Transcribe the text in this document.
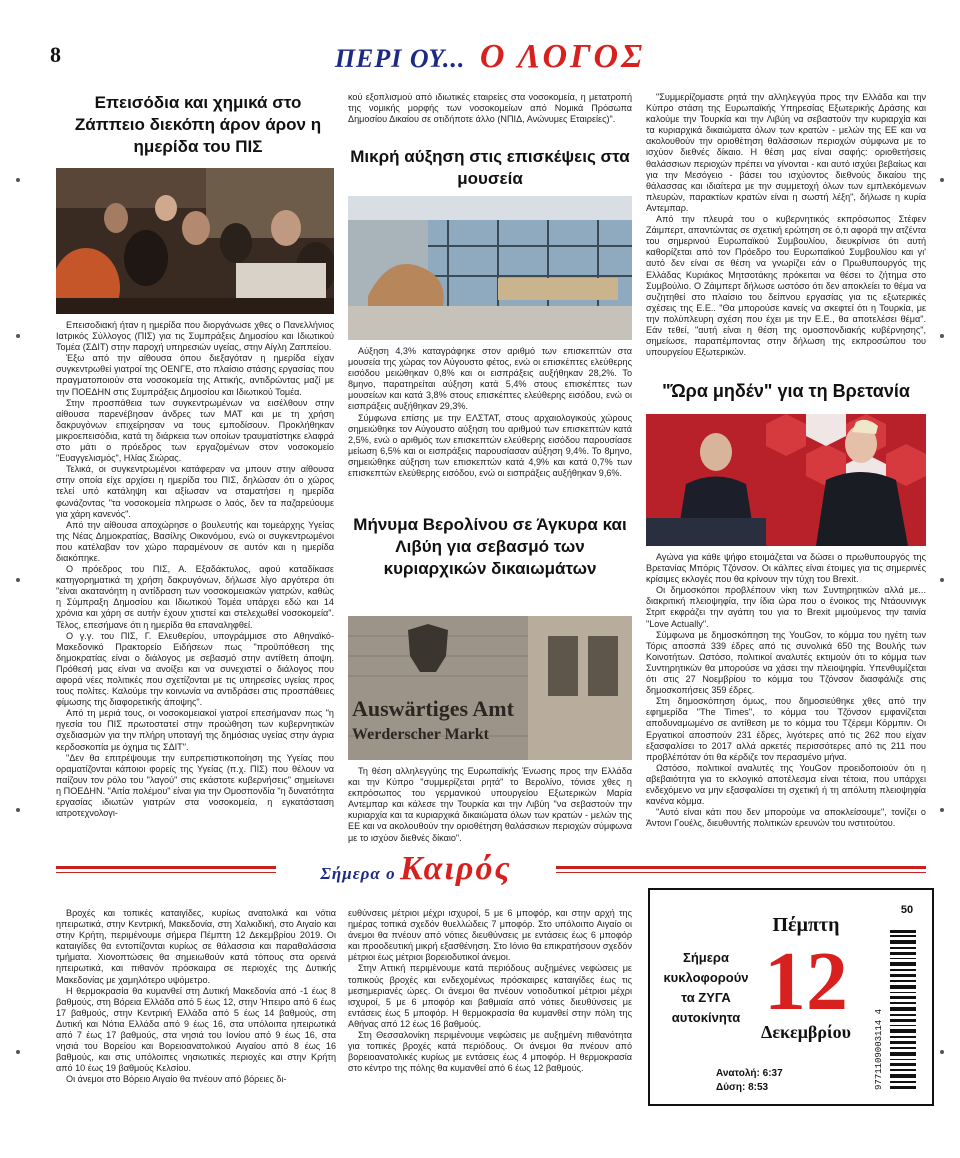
8	ΠΕΡΙ ΟΥ... Ο ΛΟΓΟΣ
Επεισόδια και χημικά στο Ζάππειο διεκόπη άρον άρον η ημερίδα του ΠΙΣ

Επεισοδιακή ήταν η ημερίδα που διοργάνωσε χθες ο Πανελλήνιος Ιατρικός Σύλλογος (ΠΙΣ) για τις Συμπράξεις Δημοσίου και Ιδιωτικού Τομέα (ΣΔΙΤ) στην παροχή υπηρεσιών υγείας, στην Αίγλη Ζαππείου.

Έξω από την αίθουσα όπου διεξαγόταν η ημερίδα είχαν συγκεντρωθεί γιατροί της ΟΕΝΓΕ, στο πλαίσιο στάσης εργασίας που πραγματοποιούν στα νοσοκομεία της Αττικής, αντιδρώντας μαζί με την ΠΟΕΔΗΝ στις Συμπράξεις Δημοσίου και Ιδιωτικού Τομέα.

Στην προσπάθεια των συγκεντρωμένων να εισέλθουν στην αίθουσα παρενέβησαν άνδρες των ΜΑΤ και με τη χρήση δακρυγόνων επιχείρησαν να τους εμποδίσουν. Προκλήθηκαν μικροεπεισόδια, κατά τη διάρκεια των οποίων τραυματίστηκε ελαφρά στο μάτι ο πρόεδρος των εργαζομένων στον νοσοκομείο "Ευαγγελισμός", Ηλίας Σιώρας.

Τελικά, οι συγκεντρωμένοι κατάφεραν να μπουν στην αίθουσα στην οποία είχε αρχίσει η ημερίδα του ΠΙΣ, δηλώσαν ότι ο χώρος τελεί υπό κατάληψη και αξίωσαν να σταματήσει η ημερίδα φωνάζοντας "τα νοσοκομεία πληρωσε ο λαός, δεν τα παζαρεύουμε για χάρη κανενός".

Από την αίθουσα αποχώρησε ο βουλευτής και τομεάρχης Υγείας της Νέας Δημοκρατίας, Βασίλης Οικονόμου, ενώ οι συγκεντρωμένοι που κατέλαβαν τον χώρο παραμένουν σε αυτόν και η ημερίδα διακόπηκε.

Ο πρόεδρος του ΠΙΣ, Α. Εξαδάκτυλος, αφού καταδίκασε κατηγορηματικά τη χρήση δακρυγόνων, δήλωσε λίγο αργότερα ότι "είναι ακατανόητη η αντίδραση των νοσοκομειακών γιατρών, καθώς η Σύμπραξη Δημοσίου και Ιδιωτικού Τομέα υπάρχει εδώ και 14 χρόνια και χάρη σε αυτήν έχουν χτιστεί και στελεχωθεί νοσοκομεία". Τέλος, επεσήμανε ότι η ημερίδα θα επαναληφθεί.

Ο γ.γ. του ΠΙΣ, Γ. Ελευθερίου, υπογράμμισε στο Αθηναϊκό-Μακεδονικό Πρακτορείο Ειδήσεων πως "προϋπόθεση της δημοκρατίας είναι ο διάλογος με σεβασμό στην αντίθετη άποψη. Πρόθεσή μας είναι να ανοίξει και να συνεχιστεί ο διάλογος που αφορά νέες πολιτικές που σχετίζονται με τις υπηρεσίες υγείας προς τους πολίτες. Καλούμε την κοινωνία να αντιδράσει στις προσπάθειες φίμωσης της διαφορετικής άποψης".

Από τη μεριά τους, οι νοσοκομειακοί γιατροί επεσήμαναν πως "η ηγεσία του ΠΙΣ πρωτοστατεί στην προώθηση των κυβερνητικών σχεδιασμών για την πλήρη υποταγή της δημόσιας υγείας στην άγρια κερδοσκοπία με όχημα τις ΣΔΙΤ".

"Δεν θα επιτρέψουμε την ευπρεπιστικοποίηση της Υγείας που οραματίζονται κάποιοι φορείς της Υγείας (π.χ. ΠΙΣ) που θέλουν να παίζουν τον ρόλο του "λαγού" στις εκάστοτε κυβερνήσεις" σημείωνει η ΠΟΕΔΗΝ. "Αιτία πολέμου" είναι για την Ομοσπονδία "η δυνατότητα εργασίας ιδιωτών γιατρών στα νοσοκομεία, η εγκατάσταση ιατροτεχνολογι-

κού εξοπλισμού από ιδιωτικές εταιρείες στα νοσοκομεία, η μετατροπή της νομικής μορφής των νοσοκομείων από Νομικά Πρόσωπα Δημοσίου Δικαίου σε οτιδήποτε άλλο (ΝΠΙΔ, Ανώνυμες Εταιρείες)".

Μικρή αύξηση στις επισκέψεις στα μουσεία

Αύξηση 4,3% καταγράφηκε στον αριθμό των επισκεπτών στα μουσεία της χώρας τον Αύγουστο φέτος, ενώ οι επισκέπτες ελεύθερης εισόδου μειώθηκαν 0,8% και οι εισπράξεις αυξήθηκαν 28,2%. Το 8μηνο, παρατηρείται αύξηση κατά 5,4% στους επισκέπτες των μουσείων και κατά 3,8% στους επισκέπτες ελεύθερης εισόδου, ενώ οι εισπράξεις αυξήθηκαν 29,3%.

Σύμφωνα επίσης με την ΕΛΣΤΑΤ, στους αρχαιολογικούς χώρους σημειώθηκε τον Αύγουστο αύξηση του αριθμού των επισκεπτών κατά 2,5%, ενώ ο αριθμός των επισκεπτών ελεύθερης εισόδου παρουσίασε μείωση 6,5% και οι εισπράξεις παρουσίασαν αύξηση 9,4%. Το 8μηνο, σημειώθηκε αύξηση των επισκεπτών κατά 4,9% και κατά 0,7% των επισκεπτών ελεύθερης εισόδου, ενώ οι εισπράξεις αυξήθηκαν 9,6%.

Μήνυμα Βερολίνου σε Άγκυρα και Λιβύη για σεβασμό των κυριαρχικών δικαιωμάτων
Auswärtiges Amt
Werderscher Markt

Τη θέση αλληλεγγύης της Ευρωπαϊκής Ένωσης προς την Ελλάδα και την Κύπρο "συμμερίζεται ρητά" το Βερολίνο, τόνισε χθες η εκπρόσωπος του γερμανικού υπουργείου Εξωτερικών Μαρία Αντεμπαρ και κάλεσε την Τουρκία και την Λιβύη "να σεβαστούν την κυριαρχία και τα κυριαρχικά δικαιώματα όλων των κρατών - μελών της ΕΕ και να ακολουθούν την οριοθέτηση θαλάσσιων περιοχών σύμφωνα με το ισχύον διεθνές δίκαιο".

"Συμμερίζομαστε ρητά την αλληλεγγύα προς την Ελλάδα και την Κύπρο στάση της Ευρωπαϊκής Υπηρεσίας Εξωτερικής Δράσης και καλούμε την Τουρκία και την Λιβύη να σεβαστούν την κυριαρχία και τα κυριαρχικά δικαιώματα όλων των κρατών - μελών της ΕΕ και να ακολουθούν την οριοθέτηση θαλάσσιων περιοχών σύμφωνα με το ισχύον διεθνές δίκαιο. Η θέση μας είναι σαφής: οριοθετήσεις θαλάσσιων περιοχών πρέπει να γίνονται - και αυτό ισχύει βεβαίως και για την Μεσόγειο - βάσει του ισχύοντος διεθνούς δικαίου της θάλασσας και ιδιαίτερα με την συμμετοχή όλων των εμπλεκόμενων πλευρών, παρακτίων κρατών είναι η σωστή λέξη", δήλωσε η κυρία Αντεμπαρ.

Από την πλευρά του ο κυβερνητικός εκπρόσωπος Στέφεν Ζάιμπερτ, απαντώντας σε σχετική ερώτηση σε ό,τι αφορά την ατζέντα του σημερινού Ευρωπαϊκού Συμβουλίου, διευκρίνισε ότι αυτή καθορίζεται από τον Πρόεδρο του Ευρωπαϊκού Συμβουλίου και γι' αυτό δεν είναι σε θέση να γνωρίζει εάν ο Πρωθυπουργός της Ελλάδας Κυριάκος Μητσοτάκης πρόκειται να θέσει το ζήτημα στο Συμβούλιο. Ο Ζάιμπερτ δήλωσε ωστόσο ότι δεν αποκλείει το θέμα να συζητηθεί στο πλαίσιο του δείπνου εργασίας για τις εξωτερικές σχέσεις της Ε.Ε.. "Θα μπορούσε κανείς να σκεφτεί ότι η Τουρκία, με την πολύπλευρη σχέση που έχει με την Ε.Ε., θα αποτελέσει θέμα". Εάν τεθεί, "αυτή είναι η θέση της ομοσπονδιακής κυβέρνησης", σημείωσε, παραπέμποντας στην δήλωση της εκπροσώπου του υπουργείου Εξωτερικών.

"Ώρα μηδέν" για τη Βρετανία

Αγώνα για κάθε ψήφο ετοιμάζεται να δώσει ο πρωθυπουργός της Βρετανίας Μπόρις Τζόνσον. Οι κάλπες είναι έτοιμες για τις σημερινές κρίσιμες εκλογές που θα κρίνουν την τύχη του Brexit.

Οι δημοσκόποι προβλέπουν νίκη των Συντηρητικών αλλά με... διακριτική πλειοψηφία, την ίδια ώρα που ο ένοικος της Ντάουνινγκ Στριτ εκφράζει την αγάπη του για το Brexit μιμούμενος την ταινία "Love Actually".

Σύμφωνα με δημοσκόπηση της YouGov, το κόμμα του ηγέτη των Τόρις αποσπά 339 έδρες από τις συνολικά 650 της Βουλής των Κοινοτήτων. Ωστόσο, πολιτικοί αναλυτές εκτιμούν ότι το κόμμα των Συντηρητικών θα μπορούσε να χάσει την πλειοψηφία. Υπενθυμίζεται ότι στις 27 Νοεμβρίου το κόμμα του Τζόνσον διασφάλιζε στις δημοσκοπήσεις 359 έδρες.

Στη δημοσκόπηση όμως, που δημοσιεύθηκε χθες από την εφημερίδα "The Times", το κόμμα του Τζόνσον εμφανίζεται απoδυναμωμένο σε αντίθεση με το κόμμα του Τζέρεμι Κόρμπιν. Οι Εργατικοί αποσπούν 231 έδρες, λιγότερες από τις 262 που είχαν εξασφαλίσει το 2017 αλλά αρκετές περισσότερες από τις 211 που προβλέπόταν ότι θα κέρδιζε τον περασμένο μήνα.

Ωστόσο, πολιτικοί αναλυτές της YouGov προειδοποιούν ότι η αβεβαιότητα για το εκλογικό αποτέλεσμα είναι τέτοια, που υπάρχει ενδεχόμενο να μην εξασφαλίσει τη σχετική ή τη απόλυτη πλειοψηφία κανένα κόμμα.

"Αυτό είναι κάτι που δεν μπορούμε να αποκλείσουμε", τονίζει ο Άντονι Γουέλς, διευθυντής πολιτικών ερευνών του ινστιτούτου.

Σήμερα ο Καιρός

Βροχές και τοπικές καταιγίδες, κυρίως ανατολικά και νότια ηπειρωτικά, στην Κεντρική, Μακεδονία, στη Χαλκιδική, στο Αιγαίο και στην Κρήτη, περιμένουμε σήμερα Πέμπτη 12 Δεκεμβρίου 2019. Οι καταιγίδες θα εντοπίζονται κυρίως σε θάλασσια και παραθαλάσσια τμήματα. Χιονοπτώσεις θα σημειωθούν κατά τόπους στα ορεινά ηπειρωτικά, και πιθανόν πρόσκαιρα σε περιοχές της Δυτικής Μακεδονίας με χαμηλότερο υψόμετρο.

Η θερμοκρασία θα κυμανθεί στη Δυτική Μακεδονία από -1 έως 8 βαθμούς, στη Βόρεια Ελλάδα από 5 έως 12, στην Ήπειρο από 6 έως 17 βαθμούς, στην Κεντρική Ελλάδα από 5 έως 14 βαθμούς, στη Δυτική και Νότια Ελλάδα από 9 έως 16, στα υπόλοιπα ηπειρωτικά από 7 έως 17 βαθμούς, στα νησιά του Ιονίου από 9 έως 16, στα νησιά του Βορείου και Βορειοανατολικού Αιγαίου από 8 έως 16 βαθμούς, και στις υπόλοιπες νησιωτικές περιοχές και στην Κρήτη από 10 έως 19 βαθμούς Κελσίου.

Οι άνεμοι στο Βόρειο Αιγαίο θα πνέουν από βόρειες δι-

ευθύνσεις μέτριοι μέχρι ισχυροί, 5 με 6 μποφόρ, και στην αρχή της ημέρας τοπικά σχεδόν θυελλώδεις 7 μποφόρ. Στο υπόλοιπο Αιγαίο οι άνεμοι θα πνέουν από νότιες διευθύνσεις με εντάσεις έως 6 μποφόρ και προοδευτική μικρή εξασθένηση. Στο Ιόνιο θα επικρατήσουν σχεδόν μέτριοι έως μέτριοι βορειοδυτικοί άνεμοι.

Στην Αττική περιμένουμε κατά περιόδους αυξημένες νεφώσεις με τοπικούς βροχές και ενδεχομένως πρόσκαιρες καταιγίδες έως τις μεσημεριανές ώρες. Οι άνεμοι θα πνέουν νοτιοδυτικοί μέτριοι μέχρι ισχυροί, 5 με 6 μποφόρ και βαθμιαία από νότιες διευθύνσεις με εντάσεις έως 5 μποφόρ. Η θερμοκρασία θα κυμανθεί στην πόλη της Αθήνας από 12 έως 16 βαθμούς.

Στη Θεσσαλονίκη περιμένουμε νεφώσεις με αυξημένη πιθανότητα για τοπικές βροχές κατά περιόδους. Οι άνεμοι θα πνέουν από βορειοανατολικές κυρίως με εντάσεις έως 4 μποφόρ. Η θερμοκρασία στο κέντρο της πόλης θα κυμανθεί από 6 έως 12 βαθμούς.

Σήμερα
κυκλοφορούν
τα ZYΓΑ
αυτοκίνητα
Πέμπτη
12
Δεκεμβρίου
Ανατολή: 6:37
Δύση: 8:53	9771109003114 4
50
